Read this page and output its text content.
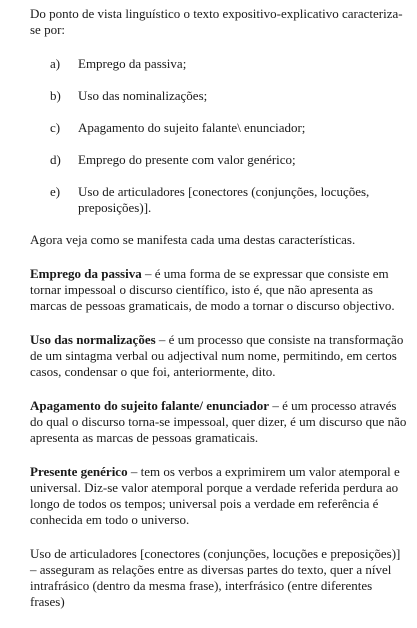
Do ponto de vista linguístico o texto expositivo-explicativo caracteriza-se por:

a) Emprego da passiva;
b) Uso das nominalizações;
c) Apagamento do sujeito falante\ enunciador;
d) Emprego do presente com valor genérico;
e) Uso de articuladores [conectores (conjunções, locuções, preposições)].

Agora veja como se manifesta cada uma destas características.

Emprego da passiva – é uma forma de se expressar que consiste em tornar impessoal o discurso científico, isto é, que não apresenta as marcas de pessoas gramaticais, de modo a tornar o discurso objectivo.

Uso das normalizações – é um processo que consiste na transformação de um sintagma verbal ou adjectival num nome, permitindo, em certos casos, condensar o que foi, anteriormente, dito.

Apagamento do sujeito falante/ enunciador – é um processo através do qual o discurso torna-se impessoal, quer dizer, é um discurso que não apresenta as marcas de pessoas gramaticais.

Presente genérico – tem os verbos a exprimirem um valor atemporal e universal. Diz-se valor atemporal porque a verdade referida perdura ao longo de todos os tempos; universal pois a verdade em referência é conhecida em todo o universo.

Uso de articuladores [conectores (conjunções, locuções e preposições)] – asseguram as relações entre as diversas partes do texto, quer a nível intrafrásico (dentro da mesma frase), interfrásico (entre diferentes frases)
